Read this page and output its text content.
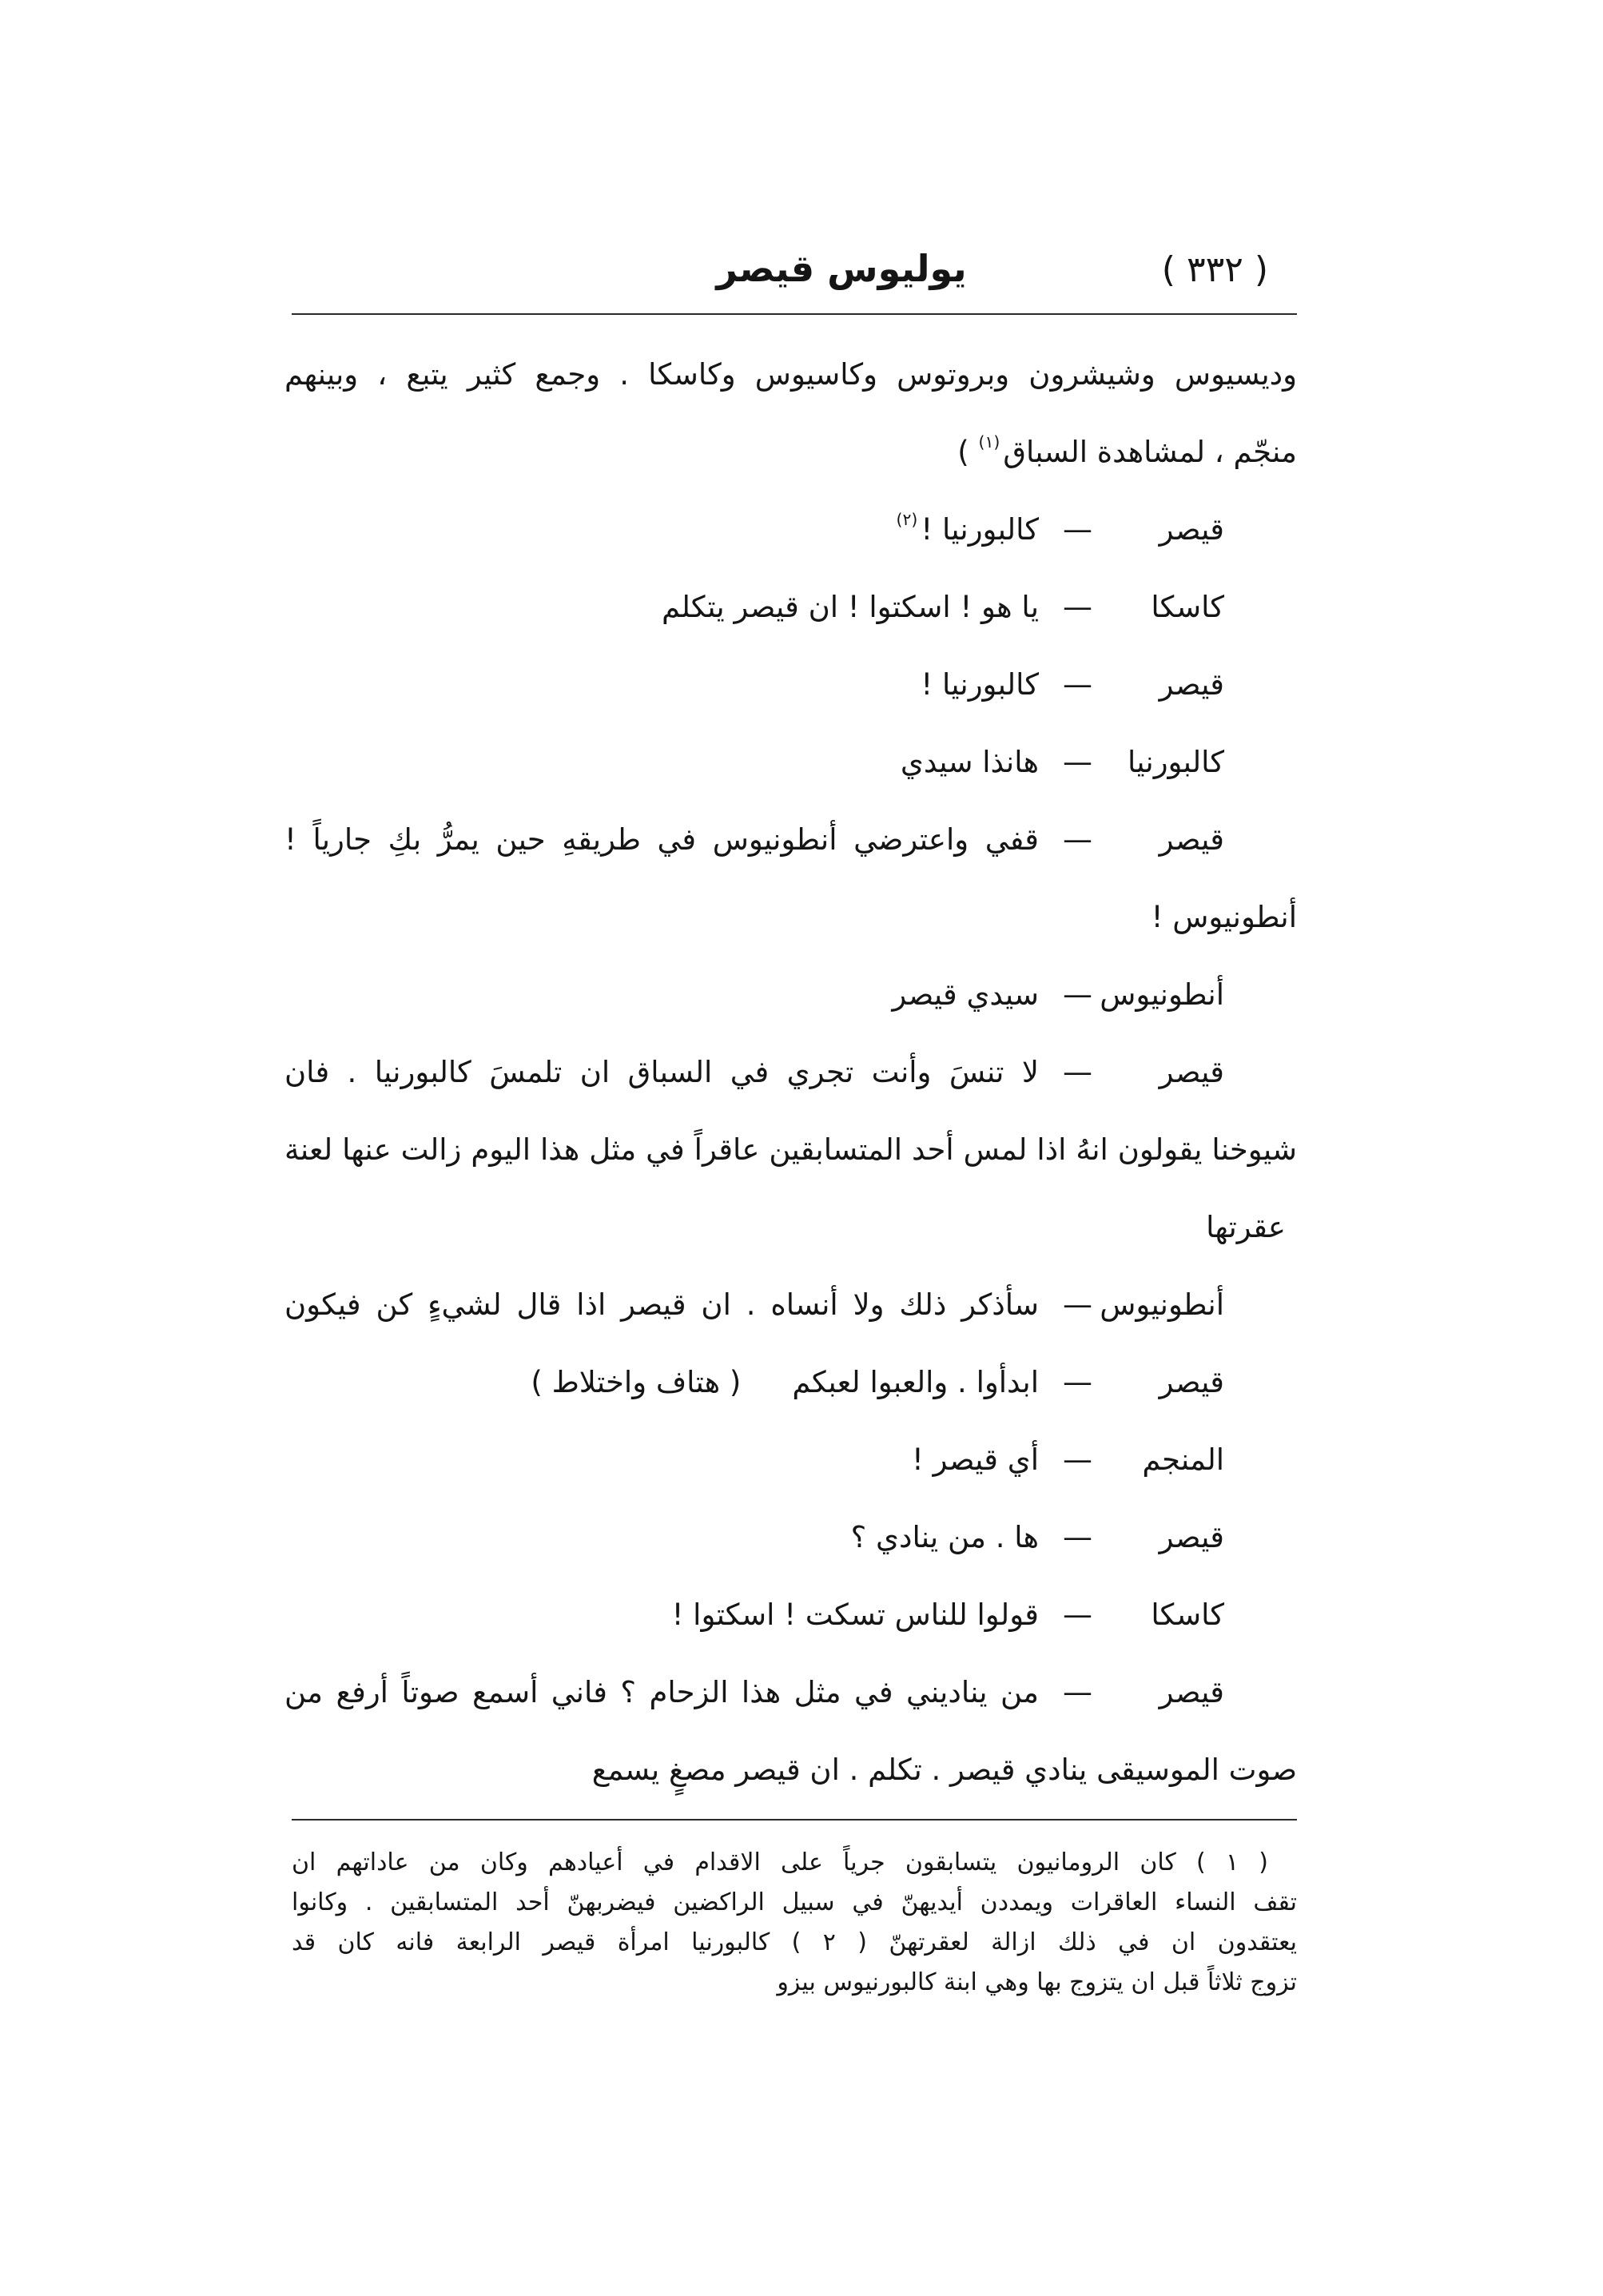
( ٣٣٢ )
يوليوس قيصر
وديسيوس وشيشرون وبروتوس وكاسيوس وكاسكا . وجمع كثير يتبع ، وبينهم
منجّم ، لمشاهدة السباق$^{(١)}$ )
قيصر
—
كالبورنيا !$^{(٢)}$
كاسكا
—
يا هو ! اسكتوا ! ان قيصر يتكلم
قيصر
—
كالبورنيا !
كالبورنيا
—
هانذا سيدي
قيصر
—
قفي واعترضي أنطونيوس في طريقهِ حين يمرُّ بكِ جارياً !
أنطونيوس !
أنطونيوس
—
سيدي قيصر
قيصر
—
لا تنسَ وأنت تجري في السباق ان تلمسَ كالبورنيا . فان
شيوخنا يقولون انهُ اذا لمس أحد المتسابقين عاقراً في مثل هذا اليوم زالت عنها لعنة
عقرتها
أنطونيوس
—
سأذكر ذلك ولا أنساه . ان قيصر اذا قال لشيءٍ كن فيكون
قيصر
—
ابدأوا . والعبوا لعبكم
( هتاف واختلاط )
المنجم
—
أي قيصر !
قيصر
—
ها . من ينادي ؟
كاسكا
—
قولوا للناس تسكت ! اسكتوا !
قيصر
—
من يناديني في مثل هذا الزحام ؟ فاني أسمع صوتاً أرفع من
صوت الموسيقى ينادي قيصر . تكلم . ان قيصر مصغٍ يسمع
( ١ ) كان الرومانيون يتسابقون جرياً على الاقدام في أعيادهم وكان من عاداتهم ان
تقف النساء العاقرات ويمددن أيديهنّ في سبيل الراكضين فيضربهنّ أحد المتسابقين . وكانوا
يعتقدون ان في ذلك ازالة لعقرتهنّ ( ٢ ) كالبورنيا امرأة قيصر الرابعة فانه كان قد
تزوج ثلاثاً قبل ان يتزوج بها وهي ابنة كالبورنيوس بيزو
